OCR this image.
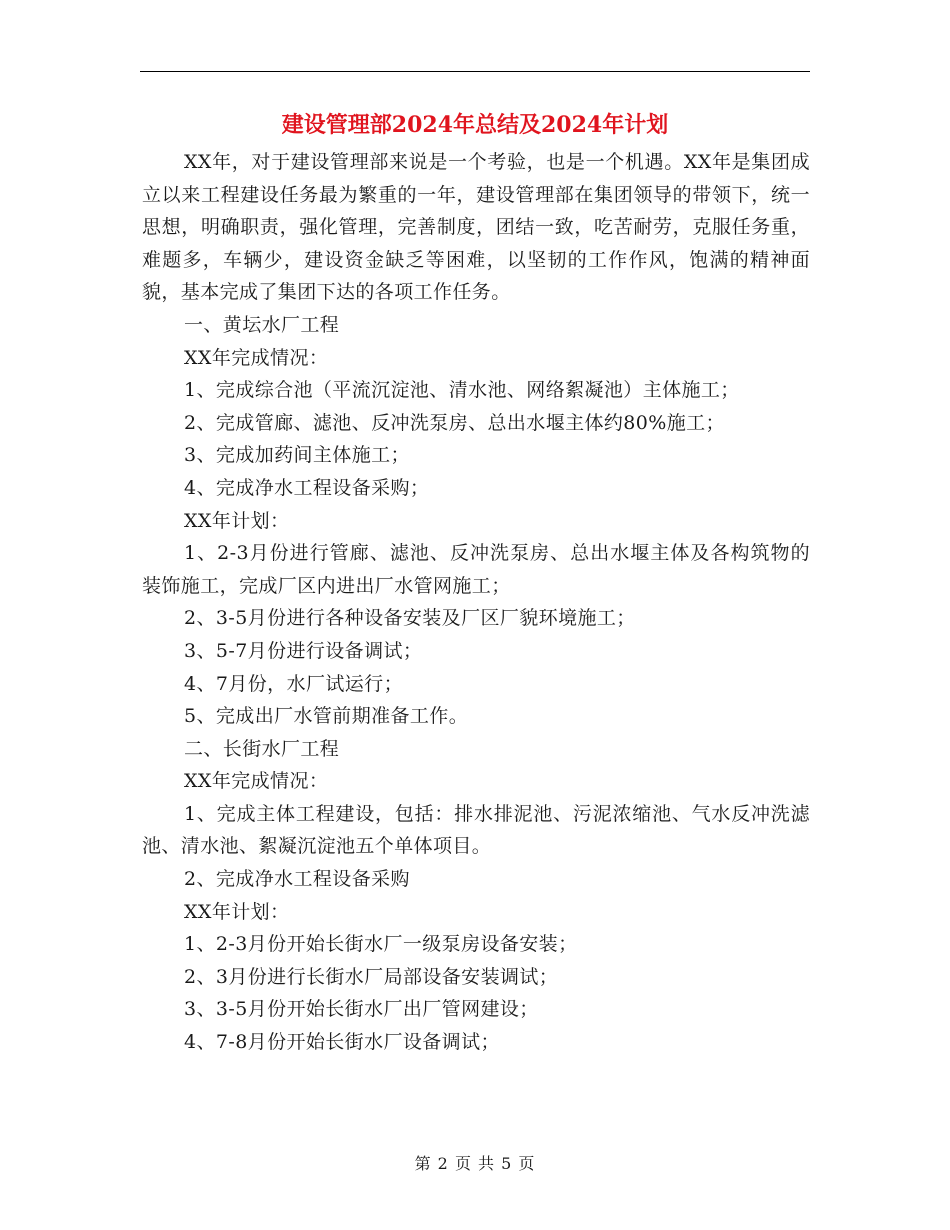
建设管理部2024年总结及2024年计划

XX年，对于建设管理部来说是一个考验，也是一个机遇。XX年是集团成立以来工程建设任务最为繁重的一年，建设管理部在集团领导的带领下，统一思想，明确职责，强化管理，完善制度，团结一致，吃苦耐劳，克服任务重，难题多，车辆少，建设资金缺乏等困难，以坚韧的工作作风，饱满的精神面貌，基本完成了集团下达的各项工作任务。

一、黄坛水厂工程

XX年完成情况：

1、完成综合池（平流沉淀池、清水池、网络絮凝池）主体施工；

2、完成管廊、滤池、反冲洗泵房、总出水堰主体约80%施工；

3、完成加药间主体施工；

4、完成净水工程设备采购；

XX年计划：

1、2-3月份进行管廊、滤池、反冲洗泵房、总出水堰主体及各构筑物的装饰施工，完成厂区内进出厂水管网施工；

2、3-5月份进行各种设备安装及厂区厂貌环境施工；

3、5-7月份进行设备调试；

4、7月份，水厂试运行；

5、完成出厂水管前期准备工作。

二、长街水厂工程

XX年完成情况：

1、完成主体工程建设，包括：排水排泥池、污泥浓缩池、气水反冲洗滤池、清水池、絮凝沉淀池五个单体项目。

2、完成净水工程设备采购

XX年计划：

1、2-3月份开始长街水厂一级泵房设备安装；

2、3月份进行长街水厂局部设备安装调试；

3、3-5月份开始长街水厂出厂管网建设；

4、7-8月份开始长街水厂设备调试；

第 2 页 共 5 页
